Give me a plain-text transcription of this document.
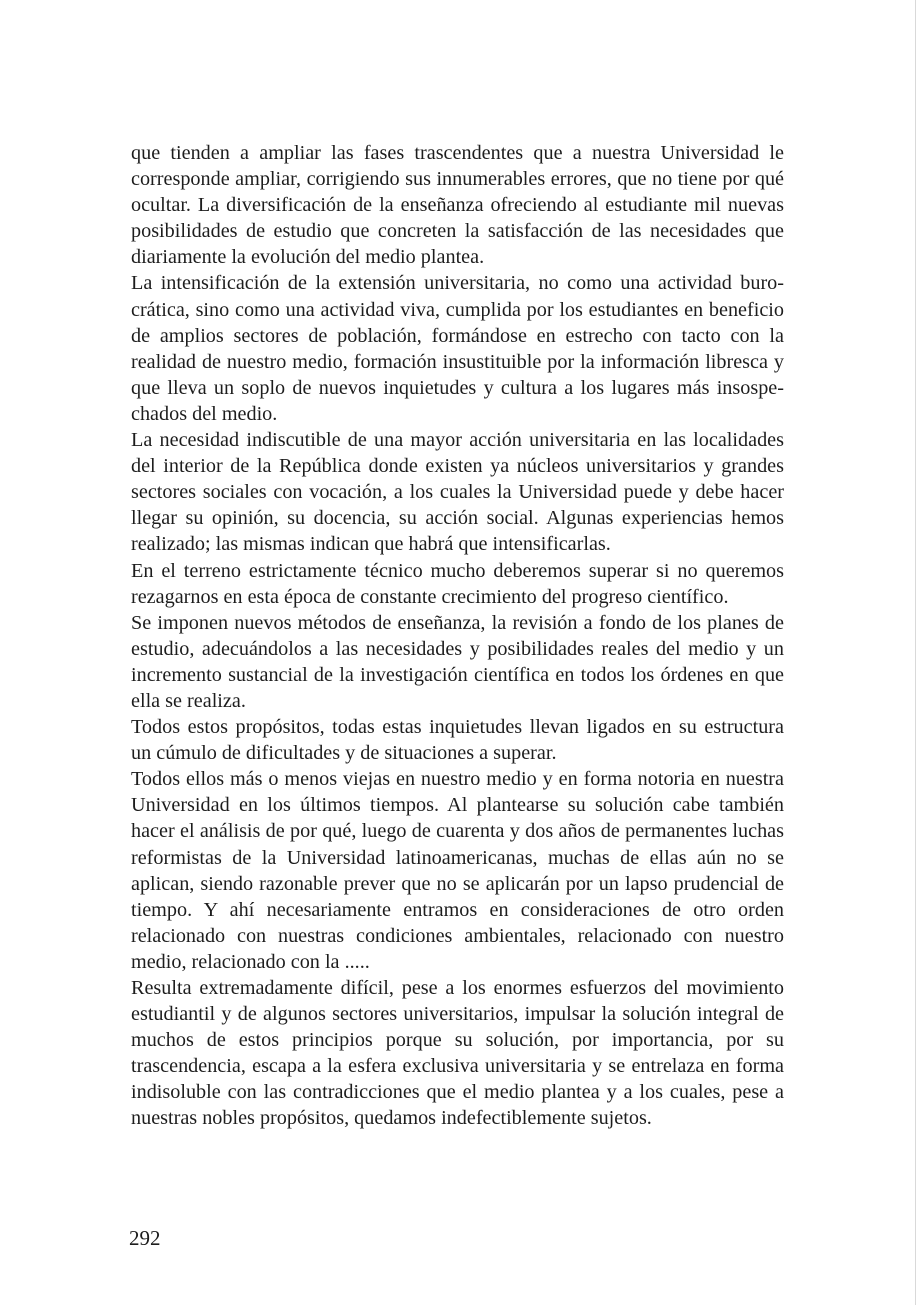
que tienden a ampliar las fases trascendentes que a nuestra Universidad le corresponde ampliar, corrigiendo sus innumerables errores, que no tiene por qué ocultar. La diversificación de la enseñanza ofreciendo al estudiante mil nuevas posibilidades de estudio que concreten la satisfacción de las necesidades que diariamente la evolución del medio plantea.

La intensificación de la extensión universitaria, no como una actividad burocrática, sino como una actividad viva, cumplida por los estudiantes en beneficio de amplios sectores de población, formándose en estrecho con tacto con la realidad de nuestro medio, formación insustituible por la información libresca y que lleva un soplo de nuevos inquietudes y cultura a los lugares más insospechados del medio.

La necesidad indiscutible de una mayor acción universitaria en las localidades del interior de la República donde existen ya núcleos universitarios y grandes sectores sociales con vocación, a los cuales la Universidad puede y debe hacer llegar su opinión, su docencia, su acción social. Algunas experiencias hemos realizado; las mismas indican que habrá que intensificarlas.

En el terreno estrictamente técnico mucho deberemos superar si no queremos rezagarnos en esta época de constante crecimiento del progreso científico.

Se imponen nuevos métodos de enseñanza, la revisión a fondo de los planes de estudio, adecuándolos a las necesidades y posibilidades reales del medio y un incremento sustancial de la investigación científica en todos los órdenes en que ella se realiza.

Todos estos propósitos, todas estas inquietudes llevan ligados en su estructura un cúmulo de dificultades y de situaciones a superar.

Todos ellos más o menos viejas en nuestro medio y en forma notoria en nuestra Universidad en los últimos tiempos. Al plantearse su solución cabe también hacer el análisis de por qué, luego de cuarenta y dos años de permanentes luchas reformistas de la Universidad latinoamericanas, muchas de ellas aún no se aplican, siendo razonable prever que no se aplicarán por un lapso prudencial de tiempo. Y ahí necesariamente entramos en consideraciones de otro orden relacionado con nuestras condiciones ambientales, relacionado con nuestro medio, relacionado con la .....

Resulta extremadamente difícil, pese a los enormes esfuerzos del movimiento estudiantil y de algunos sectores universitarios, impulsar la solución integral de muchos de estos principios porque su solución, por importancia, por su trascendencia, escapa a la esfera exclusiva universitaria y se entrelaza en forma indisoluble con las contradicciones que el medio plantea y a los cuales, pese a nuestras nobles propósitos, quedamos indefectiblemente sujetos.

292
